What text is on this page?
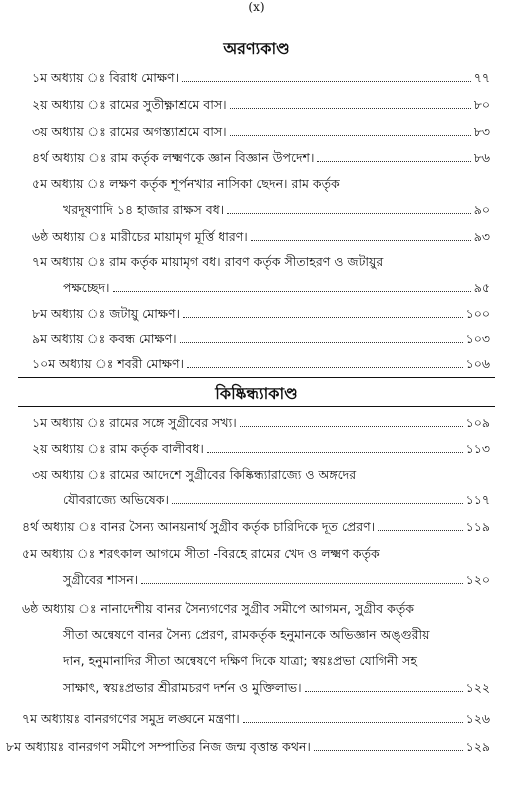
(x)
অরণ্যকাণ্ড
কিষ্কিন্ধ্যাকাণ্ড
১ম অধ্যায় ঃ বিরাধ মোক্ষণ।	৭৭
২য় অধ্যায় ঃ রামের সুতীক্ষ্ণাশ্রমে বাস।	৮০
৩য় অধ্যায় ঃ রামের অগস্ত্যাশ্রমে বাস।	৮৩
৪র্থ অধ্যায় ঃ রাম কর্তৃক লক্ষ্মণকে জ্ঞান বিজ্ঞান উপদেশ।	৮৬
৫ম অধ্যায় ঃ লক্ষণ কর্তৃক শূর্পনখার নাসিকা ছেদন। রাম কর্তৃক
খরদূষণাদি ১৪ হাজার রাক্ষস বধ।	৯০
৬ষ্ঠ অধ্যায় ঃ মারীচের মায়ামৃগ মূর্ত্তি ধারণ।	৯৩
৭ম অধ্যায় ঃ রাম কর্তৃক মায়ামৃগ বধ। রাবণ কর্তৃক সীতাহরণ ও জটায়ুর
পক্ষচ্ছেদ।	৯৫
৮ম অধ্যায় ঃ জটায়ু মোক্ষণ।	১০০
৯ম অধ্যায় ঃ কবন্ধ মোক্ষণ।	১০৩
১০ম অধ্যায় ঃ শবরী মোক্ষণ।	১০৬
১ম অধ্যায় ঃ রামের সঙ্গে সুগ্রীবের সখ্য।	১০৯
২য় অধ্যায় ঃ রাম কর্তৃক বালীবধ।	১১৩
৩য় অধ্যায় ঃ রামের আদেশে সুগ্রীবের কিষ্কিন্ধ্যারাজ্যে ও অঙ্গদের
যৌবরাজ্যে অভিষেক।	১১৭
৪র্থ অধ্যায় ঃ বানর সৈন্য আনয়নার্থ সুগ্রীব কর্তৃক চারিদিকে দূত প্রেরণ।	১১৯
৫ম অধ্যায় ঃ শরৎকাল আগমে সীতা -বিরহে রামের খেদ ও লক্ষ্মণ কর্তৃক
সুগ্রীবের শাসন।	১২০
৬ষ্ঠ অধ্যায় ঃ নানাদেশীয় বানর সৈন্যগণের সুগ্রীব সমীপে আগমন, সুগ্রীব কর্তৃক
সীতা অন্বেষণে বানর সৈন্য প্রেরণ, রামকর্তৃক হনুমানকে অভিজ্ঞান অঙ্গুরীয়
দান, হনুমানাদির সীতা অন্বেষণে দক্ষিণ দিকে যাত্রা; স্বয়ঃপ্রভা যোগিনী সহ
সাক্ষাৎ, স্বয়ঃপ্রভার শ্রীরামচরণ দর্শন ও মুক্তিলাভ।	১২২
৭ম অধ্যায়ঃ বানরগণের সমুদ্র লঙ্ঘনে মন্ত্রণা।	১২৬
৮ম অধ্যায়ঃ বানরগণ সমীপে সম্পাতির নিজ জন্ম বৃত্তান্ত কথন।	১২৯
